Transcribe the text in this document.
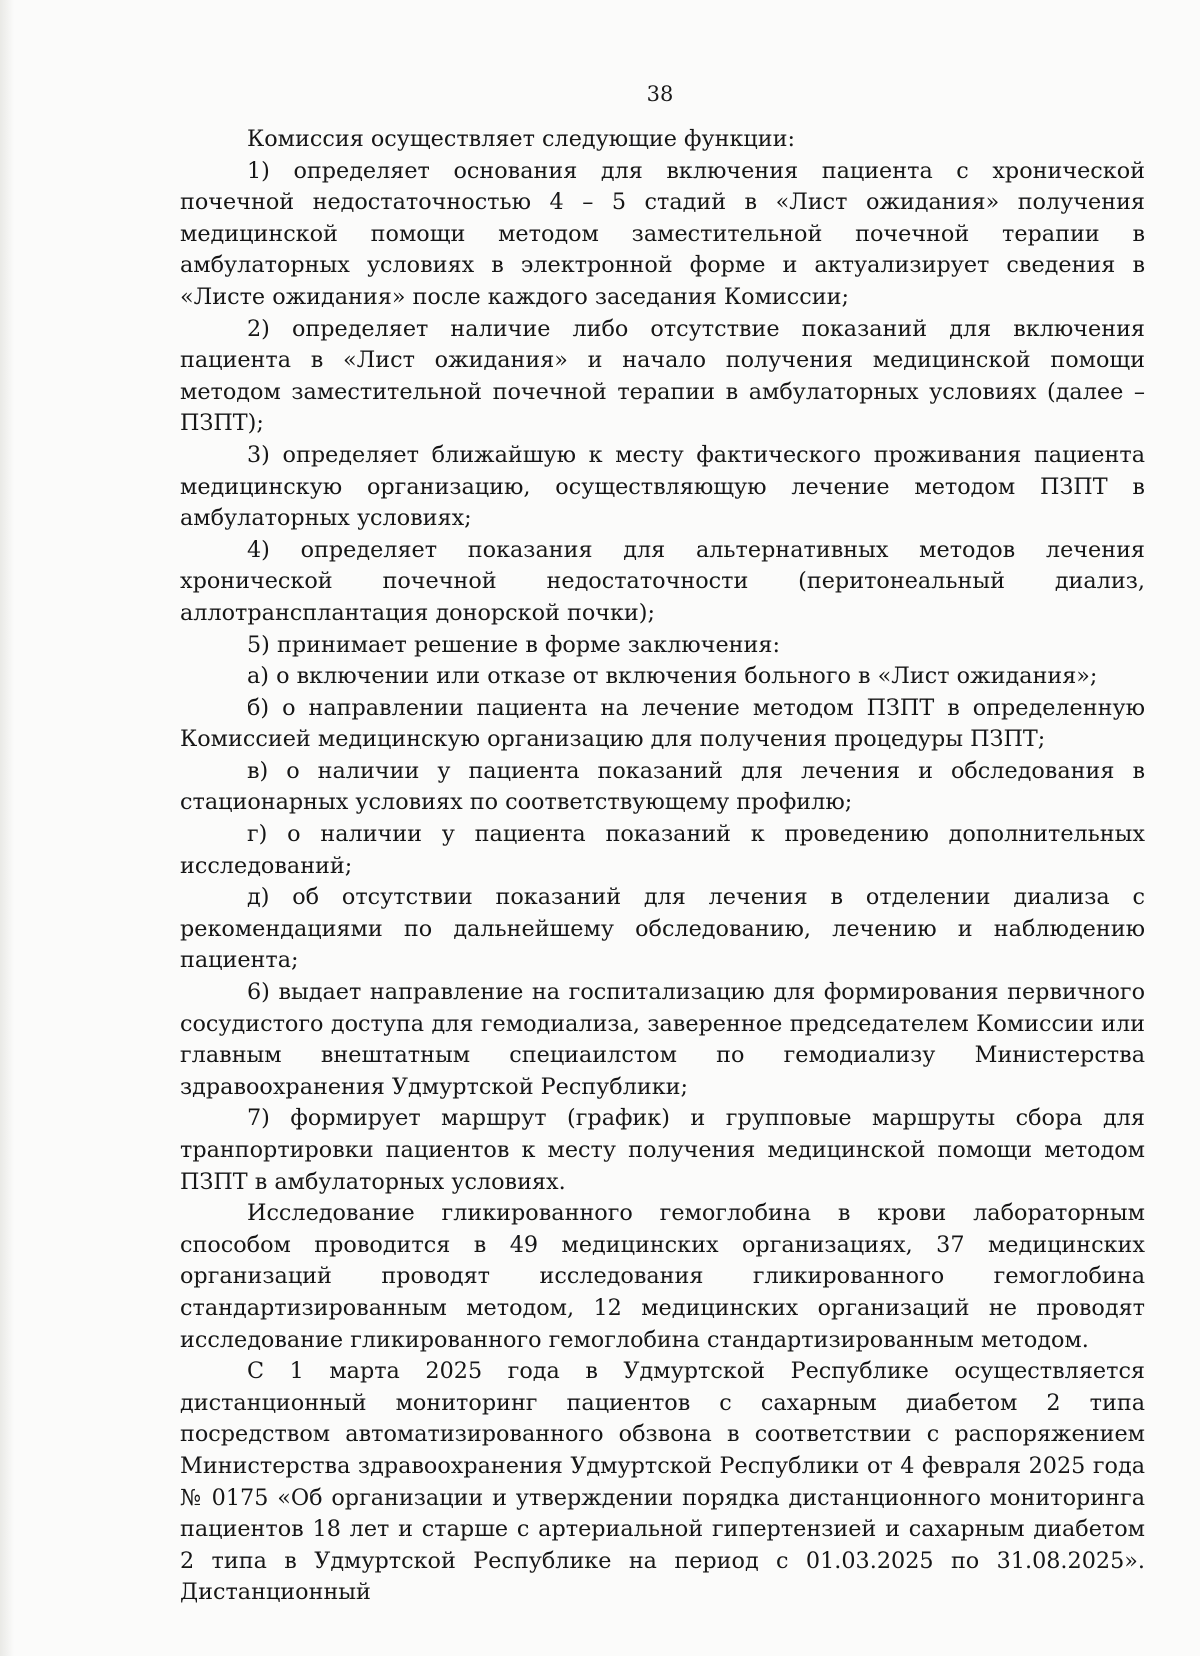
38

Комиссия осуществляет следующие функции:

1) определяет основания для включения пациента с хронической почечной недостаточностью 4 – 5 стадий в «Лист ожидания» получения медицинской помощи методом заместительной почечной терапии в амбулаторных условиях в электронной форме и актуализирует сведения в «Листе ожидания» после каждого заседания Комиссии;

2) определяет наличие либо отсутствие показаний для включения пациента в «Лист ожидания» и начало получения медицинской помощи методом заместительной почечной терапии в амбулаторных условиях (далее – ПЗПТ);

3) определяет ближайшую к месту фактического проживания пациента медицинскую организацию, осуществляющую лечение методом ПЗПТ в амбулаторных условиях;

4) определяет показания для альтернативных методов лечения хронической почечной недостаточности (перитонеальный диализ, аллотрансплантация донорской почки);

5) принимает решение в форме заключения:

а) о включении или отказе от включения больного в «Лист ожидания»;

б) о направлении пациента на лечение методом ПЗПТ в определенную Комиссией медицинскую организацию для получения процедуры ПЗПТ;

в) о наличии у пациента показаний для лечения и обследования в стационарных условиях по соответствующему профилю;

г) о наличии у пациента показаний к проведению дополнительных исследований;

д) об отсутствии показаний для лечения в отделении диализа с рекомендациями по дальнейшему обследованию, лечению и наблюдению пациента;

6) выдает направление на госпитализацию для формирования первичного сосудистого доступа для гемодиализа, заверенное председателем Комиссии или главным внештатным специаилстом по гемодиализу Министерства здравоохранения Удмуртской Республики;

7) формирует маршрут (график) и групповые маршруты сбора для транпортировки пациентов к месту получения медицинской помощи методом ПЗПТ в амбулаторных условиях.

Исследование гликированного гемоглобина в крови лабораторным способом проводится в 49 медицинских организациях, 37 медицинских организаций проводят исследования гликированного гемоглобина стандартизированным методом, 12 медицинских организаций не проводят исследование гликированного гемоглобина стандартизированным методом.

С 1 марта 2025 года в Удмуртской Республике осуществляется дистанционный мониторинг пациентов с сахарным диабетом 2 типа посредством автоматизированного обзвона в соответствии с распоряжением Министерства здравоохранения Удмуртской Республики от 4 февраля 2025 года № 0175 «Об организации и утверждении порядка дистанционного мониторинга пациентов 18 лет и старше с артериальной гипертензией и сахарным диабетом 2 типа в Удмуртской Республике на период с 01.03.2025 по 31.08.2025». Дистанционный
